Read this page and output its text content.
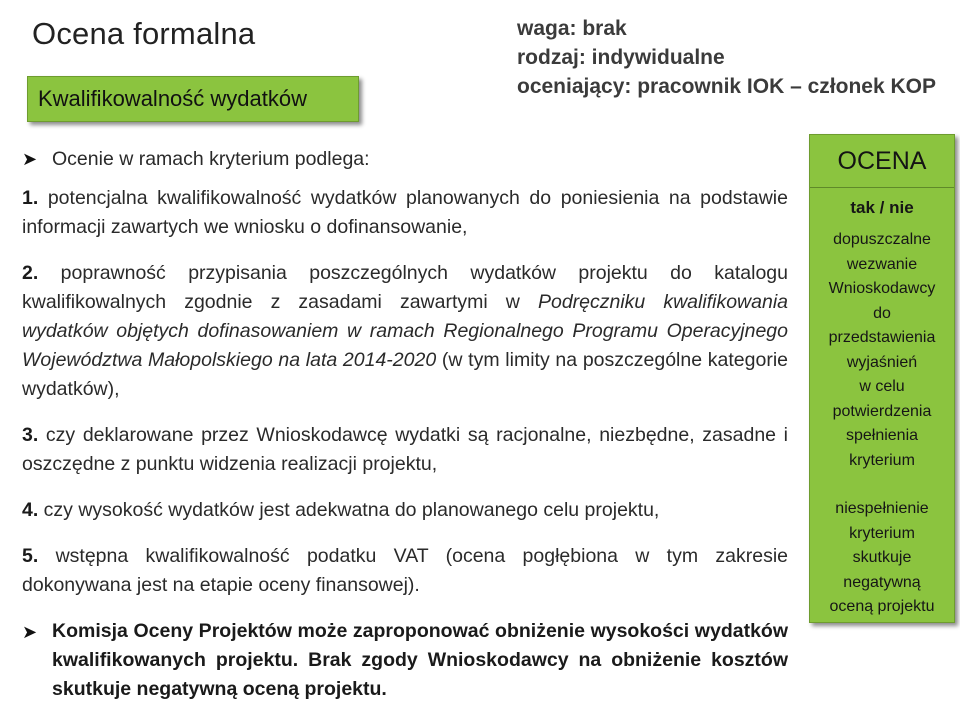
Ocena formalna
Kwalifikowalność wydatków
waga: brak
rodzaj: indywidualne
oceniający: pracownik IOK – członek KOP
➤ Ocenie w ramach kryterium podlega:
1. potencjalna kwalifikowalność wydatków planowanych do poniesienia na podstawie informacji zawartych we wniosku o dofinansowanie,
2. poprawność przypisania poszczególnych wydatków projektu do katalogu kwalifikowalnych zgodnie z zasadami zawartymi w Podręczniku kwalifikowania wydatków objętych dofinasowaniem w ramach Regionalnego Programu Operacyjnego Województwa Małopolskiego na lata 2014-2020 (w tym limity na poszczególne kategorie wydatków),
3. czy deklarowane przez Wnioskodawcę wydatki są racjonalne, niezbędne, zasadne i oszczędne z punktu widzenia realizacji projektu,
4. czy wysokość wydatków jest adekwatna do planowanego celu projektu,
5. wstępna kwalifikowalność podatku VAT (ocena pogłębiona w tym zakresie dokonywana jest na etapie oceny finansowej).
➤ Komisja Oceny Projektów może zaproponować obniżenie wysokości wydatków kwalifikowanych projektu. Brak zgody Wnioskodawcy na obniżenie kosztów skutkuje negatywną oceną projektu.
OCENA
tak / nie
dopuszczalne
wezwanie
Wnioskodawcy
do
przedstawienia
wyjaśnień
w celu
potwierdzenia
spełnienia
kryterium
niespełnienie
kryterium
skutkuje
negatywną
oceną projektu
